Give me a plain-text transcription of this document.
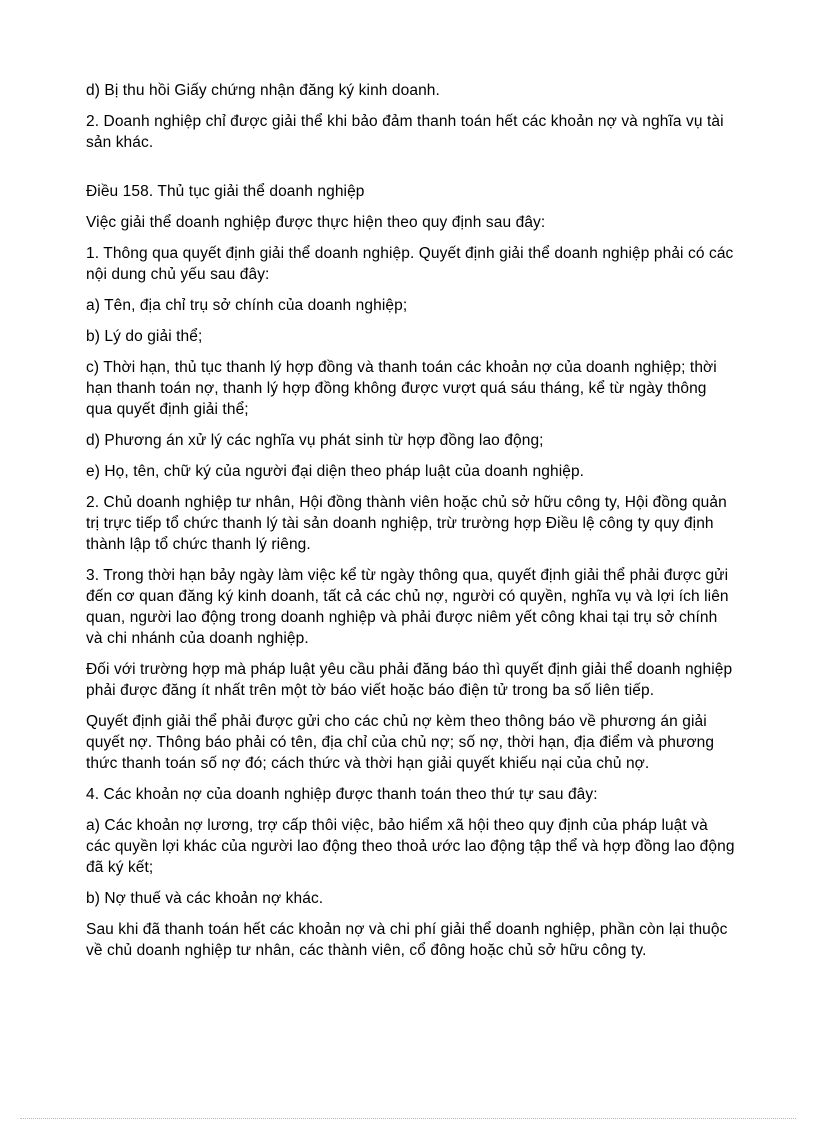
d) Bị thu hồi Giấy chứng nhận đăng ký kinh doanh.

2. Doanh nghiệp chỉ được giải thể khi bảo đảm thanh toán hết các khoản nợ và nghĩa vụ tài sản khác.

Điều 158. Thủ tục giải thể doanh nghiệp

Việc giải thể doanh nghiệp được thực hiện theo quy định sau đây:

1. Thông qua quyết định giải thể doanh nghiệp. Quyết định giải thể doanh nghiệp phải có các nội dung chủ yếu sau đây:

a) Tên, địa chỉ trụ sở chính của doanh nghiệp;

b) Lý do giải thể;

c) Thời hạn, thủ tục thanh lý hợp đồng và thanh toán các khoản nợ của doanh nghiệp; thời hạn thanh toán nợ, thanh lý hợp đồng không được vượt quá sáu tháng, kể từ ngày thông qua quyết định giải thể;

d) Phương án xử lý các nghĩa vụ phát sinh từ hợp đồng lao động;

e) Họ, tên, chữ ký của người đại diện theo pháp luật của doanh nghiệp.

2. Chủ doanh nghiệp tư nhân, Hội đồng thành viên hoặc chủ sở hữu công ty, Hội đồng quản trị trực tiếp tổ chức thanh lý tài sản doanh nghiệp, trừ trường hợp Điều lệ công ty quy định thành lập tổ chức thanh lý riêng.

3. Trong thời hạn bảy ngày làm việc kể từ ngày thông qua, quyết định giải thể phải được gửi đến cơ quan đăng ký kinh doanh, tất cả các chủ nợ, người có quyền, nghĩa vụ và lợi ích liên quan, người lao động trong doanh nghiệp và phải được niêm yết công khai tại trụ sở chính và chi nhánh của doanh nghiệp.

Đối với trường hợp mà pháp luật yêu cầu phải đăng báo thì quyết định giải thể doanh nghiệp phải được đăng ít nhất trên một tờ báo viết hoặc báo điện tử trong ba số liên tiếp.

Quyết định giải thể phải được gửi cho các chủ nợ kèm theo thông báo về phương án giải quyết nợ. Thông báo phải có tên, địa chỉ của chủ nợ; số nợ, thời hạn, địa điểm và phương thức thanh toán số nợ đó; cách thức và thời hạn giải quyết khiếu nại của chủ nợ.

4. Các khoản nợ của doanh nghiệp được thanh toán theo thứ tự sau đây:

a) Các khoản nợ lương, trợ cấp thôi việc, bảo hiểm xã hội theo quy định của pháp luật và các quyền lợi khác của người lao động theo thoả ước lao động tập thể và hợp đồng lao động đã ký kết;

b) Nợ thuế và các khoản nợ khác.

Sau khi đã thanh toán hết các khoản nợ và chi phí giải thể doanh nghiệp, phần còn lại thuộc về chủ doanh nghiệp tư nhân, các thành viên, cổ đông hoặc chủ sở hữu công ty.
